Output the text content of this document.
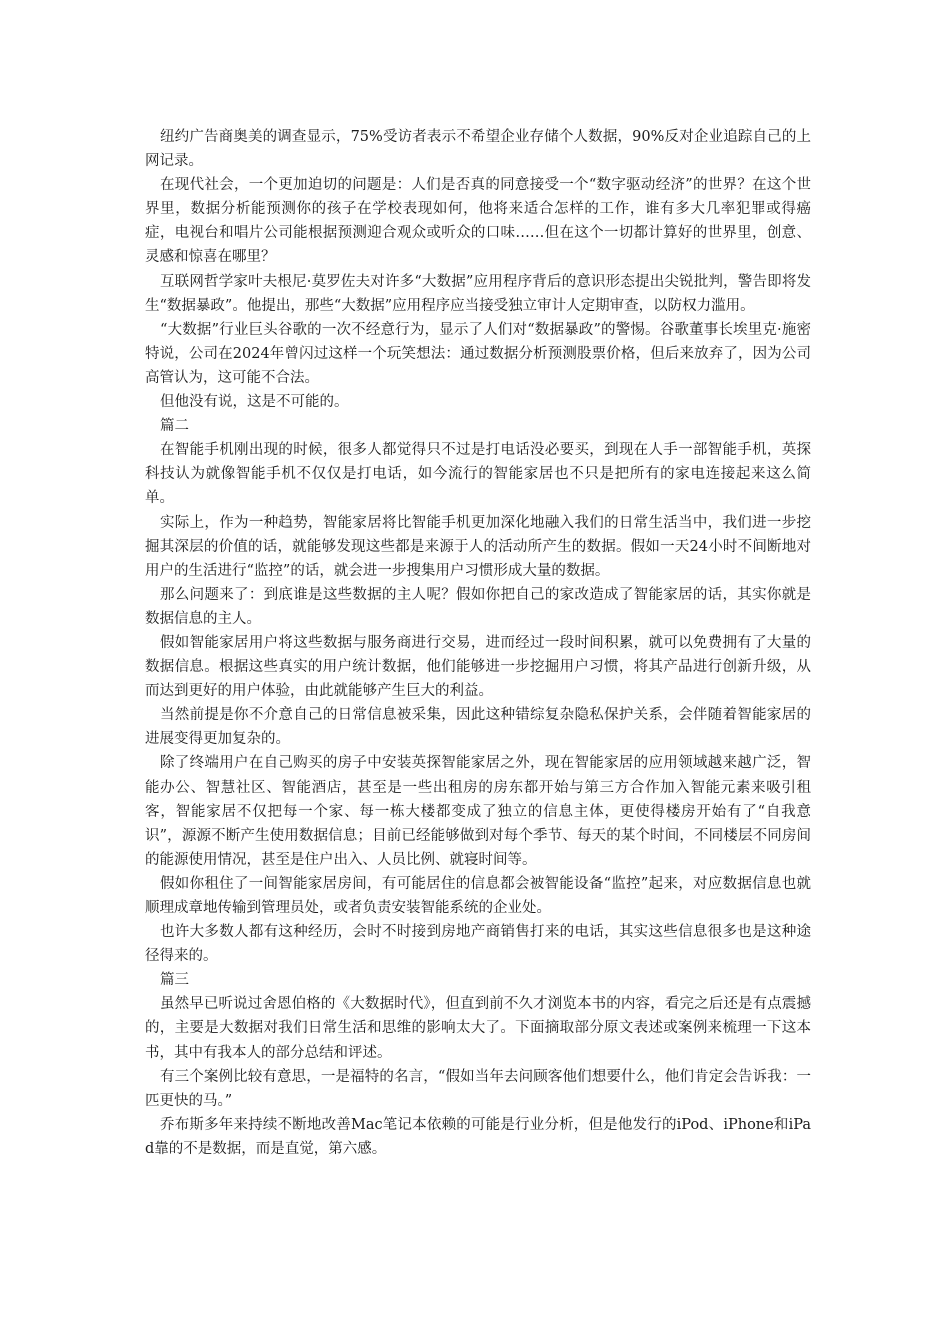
纽约广告商奥美的调查显示，75%受访者表示不希望企业存储个人数据，90%反对企业追踪自己的上网记录。

在现代社会，一个更加迫切的问题是：人们是否真的同意接受一个“数字驱动经济”的世界？在这个世界里，数据分析能预测你的孩子在学校表现如何，他将来适合怎样的工作，谁有多大几率犯罪或得癌症，电视台和唱片公司能根据预测迎合观众或听众的口味……但在这个一切都计算好的世界里，创意、灵感和惊喜在哪里？

互联网哲学家叶夫根尼·莫罗佐夫对许多“大数据”应用程序背后的意识形态提出尖锐批判，警告即将发生“数据暴政”。他提出，那些“大数据”应用程序应当接受独立审计人定期审查，以防权力滥用。

“大数据”行业巨头谷歌的一次不经意行为，显示了人们对“数据暴政”的警惕。谷歌董事长埃里克·施密特说，公司在2024年曾闪过这样一个玩笑想法：通过数据分析预测股票价格，但后来放弃了，因为公司高管认为，这可能不合法。

但他没有说，这是不可能的。

篇二

在智能手机刚出现的时候，很多人都觉得只不过是打电话没必要买，到现在人手一部智能手机，英探科技认为就像智能手机不仅仅是打电话，如今流行的智能家居也不只是把所有的家电连接起来这么简单。

实际上，作为一种趋势，智能家居将比智能手机更加深化地融入我们的日常生活当中，我们进一步挖掘其深层的价值的话，就能够发现这些都是来源于人的活动所产生的数据。假如一天24小时不间断地对用户的生活进行“监控”的话，就会进一步搜集用户习惯形成大量的数据。

那么问题来了：到底谁是这些数据的主人呢？假如你把自己的家改造成了智能家居的话，其实你就是数据信息的主人。

假如智能家居用户将这些数据与服务商进行交易，进而经过一段时间积累，就可以免费拥有了大量的数据信息。根据这些真实的用户统计数据，他们能够进一步挖掘用户习惯，将其产品进行创新升级，从而达到更好的用户体验，由此就能够产生巨大的利益。

当然前提是你不介意自己的日常信息被采集，因此这种错综复杂隐私保护关系，会伴随着智能家居的进展变得更加复杂的。

除了终端用户在自己购买的房子中安装英探智能家居之外，现在智能家居的应用领域越来越广泛，智能办公、智慧社区、智能酒店，甚至是一些出租房的房东都开始与第三方合作加入智能元素来吸引租客，智能家居不仅把每一个家、每一栋大楼都变成了独立的信息主体，更使得楼房开始有了“自我意识”，源源不断产生使用数据信息；目前已经能够做到对每个季节、每天的某个时间，不同楼层不同房间的能源使用情况，甚至是住户出入、人员比例、就寝时间等。

假如你租住了一间智能家居房间，有可能居住的信息都会被智能设备“监控”起来，对应数据信息也就顺理成章地传输到管理员处，或者负责安装智能系统的企业处。

也许大多数人都有这种经历，会时不时接到房地产商销售打来的电话，其实这些信息很多也是这种途径得来的。

篇三

虽然早已听说过舍恩伯格的《大数据时代》，但直到前不久才浏览本书的内容，看完之后还是有点震撼的，主要是大数据对我们日常生活和思维的影响太大了。下面摘取部分原文表述或案例来梳理一下这本书，其中有我本人的部分总结和评述。

有三个案例比较有意思，一是福特的名言，“假如当年去问顾客他们想要什么，他们肯定会告诉我：一匹更快的马。”

乔布斯多年来持续不断地改善Mac笔记本依赖的可能是行业分析，但是他发行的iPod、iPhone和iPad靠的不是数据，而是直觉，第六感。
